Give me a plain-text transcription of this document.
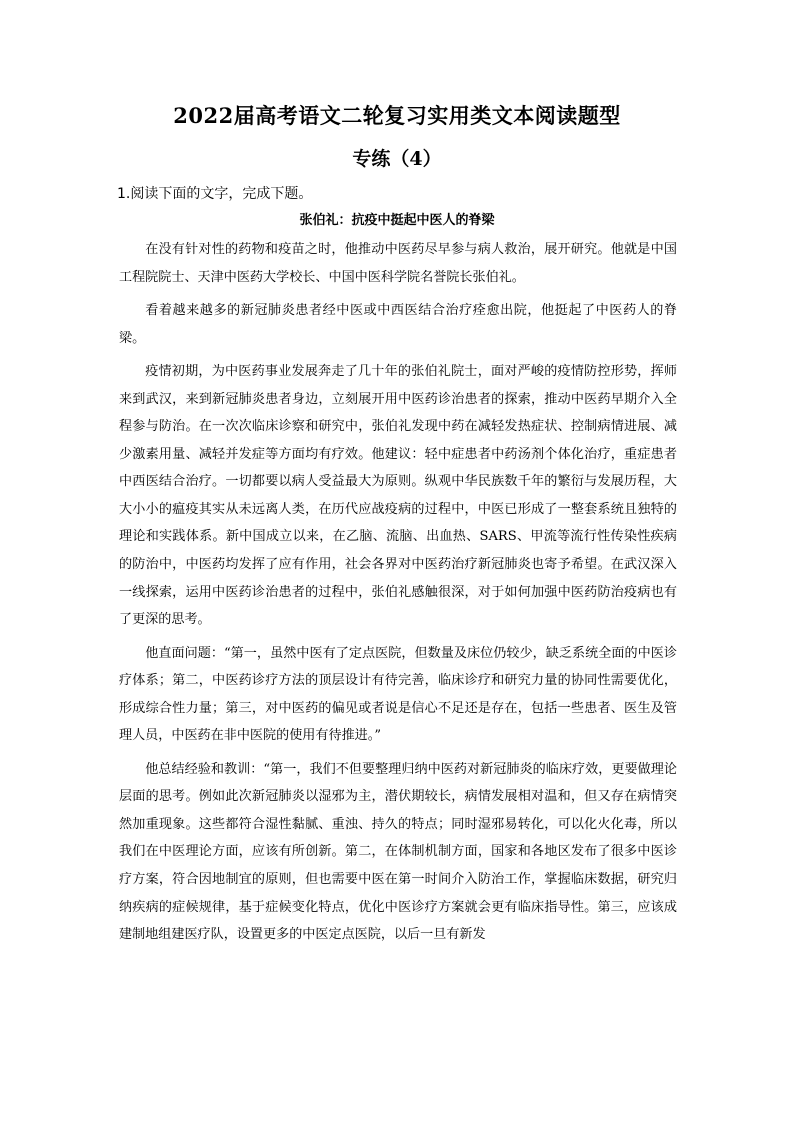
2022届高考语文二轮复习实用类文本阅读题型
专练（4）
1.阅读下面的文字，完成下题。
张伯礼：抗疫中挺起中医人的脊梁

在没有针对性的药物和疫苗之时，他推动中医药尽早参与病人救治，展开研究。他就是中国工程院院士、天津中医药大学校长、中国中医科学院名誉院长张伯礼。

看着越来越多的新冠肺炎患者经中医或中西医结合治疗痊愈出院，他挺起了中医药人的脊梁。

疫情初期，为中医药事业发展奔走了几十年的张伯礼院士，面对严峻的疫情防控形势，挥师来到武汉，来到新冠肺炎患者身边，立刻展开用中医药诊治患者的探索，推动中医药早期介入全程参与防治。在一次次临床诊察和研究中，张伯礼发现中药在减轻发热症状、控制病情进展、减少激素用量、减轻并发症等方面均有疗效。他建议：轻中症患者中药汤剂个体化治疗，重症患者中西医结合治疗。一切都要以病人受益最大为原则。纵观中华民族数千年的繁衍与发展历程，大大小小的瘟疫其实从未远离人类，在历代应战疫病的过程中，中医已形成了一整套系统且独特的理论和实践体系。新中国成立以来，在乙脑、流脑、出血热、SARS、甲流等流行性传染性疾病的防治中，中医药均发挥了应有作用，社会各界对中医药治疗新冠肺炎也寄予希望。在武汉深入一线探索，运用中医药诊治患者的过程中，张伯礼感触很深，对于如何加强中医药防治疫病也有了更深的思考。

他直面问题：“第一，虽然中医有了定点医院，但数量及床位仍较少，缺乏系统全面的中医诊疗体系；第二，中医药诊疗方法的顶层设计有待完善，临床诊疗和研究力量的协同性需要优化，形成综合性力量；第三，对中医药的偏见或者说是信心不足还是存在，包括一些患者、医生及管理人员，中医药在非中医院的使用有待推进。”

他总结经验和教训：“第一，我们不但要整理归纳中医药对新冠肺炎的临床疗效，更要做理论层面的思考。例如此次新冠肺炎以湿邪为主，潜伏期较长，病情发展相对温和，但又存在病情突然加重现象。这些都符合湿性黏腻、重浊、持久的特点；同时湿邪易转化，可以化火化毒，所以我们在中医理论方面，应该有所创新。第二，在体制机制方面，国家和各地区发布了很多中医诊疗方案，符合因地制宜的原则，但也需要中医在第一时间介入防治工作，掌握临床数据，研究归纳疾病的症候规律，基于症候变化特点，优化中医诊疗方案就会更有临床指导性。第三，应该成建制地组建医疗队，设置更多的中医定点医院，以后一旦有新发
